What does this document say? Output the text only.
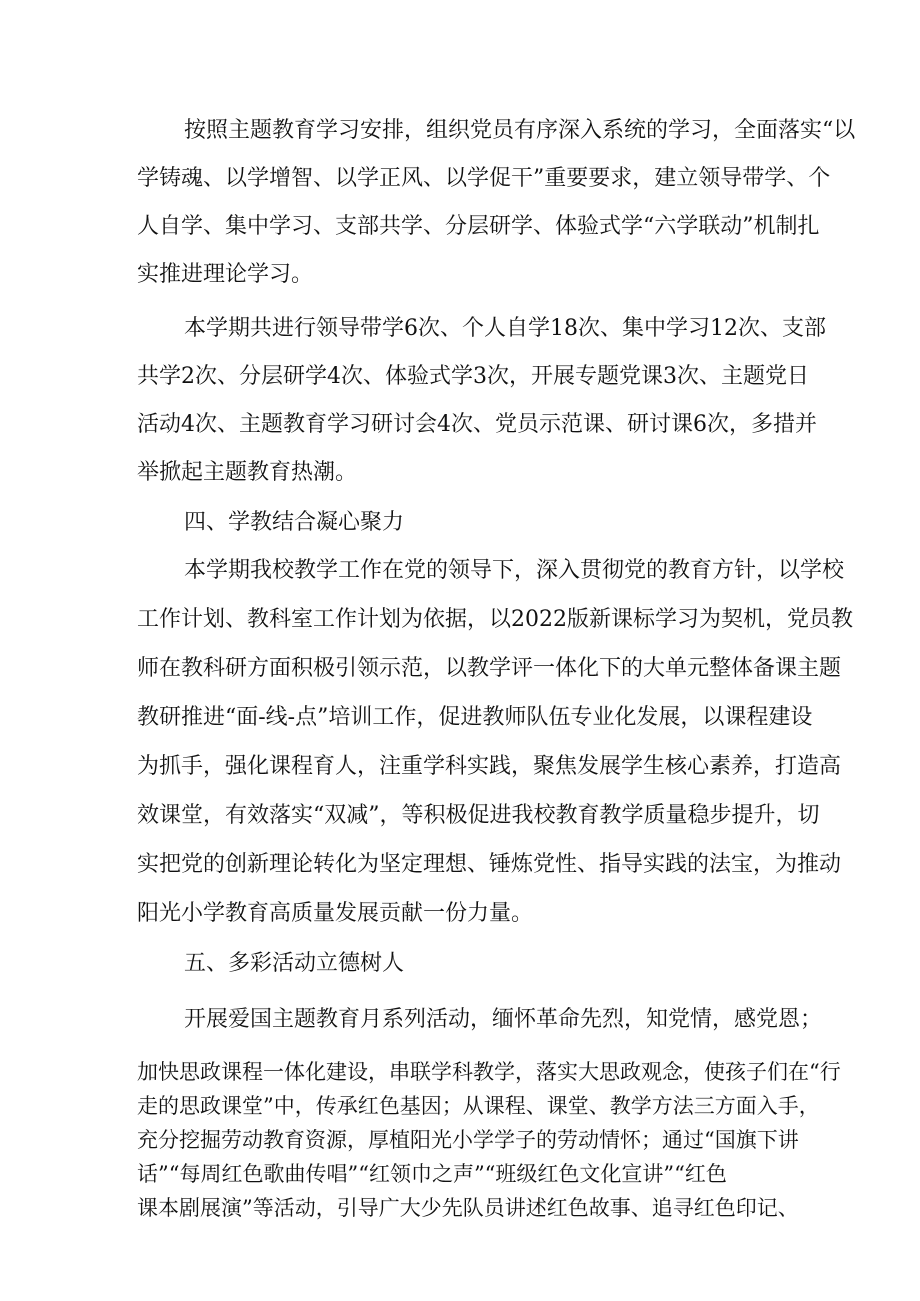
按照主题教育学习安排，组织党员有序深入系统的学习，全面落实“以

学铸魂、以学增智、以学正风、以学促干”重要要求，建立领导带学、个

人自学、集中学习、支部共学、分层研学、体验式学“六学联动”机制扎

实推进理论学习。

本学期共进行领导带学6次、个人自学18次、集中学习12次、支部

共学2次、分层研学4次、体验式学3次，开展专题党课3次、主题党日

活动4次、主题教育学习研讨会4次、党员示范课、研讨课6次，多措并

举掀起主题教育热潮。

四、学教结合凝心聚力

本学期我校教学工作在党的领导下，深入贯彻党的教育方针，以学校

工作计划、教科室工作计划为依据，以2022版新课标学习为契机，党员教

师在教科研方面积极引领示范，以教学评一体化下的大单元整体备课主题

教研推进“面-线-点”培训工作，促进教师队伍专业化发展，以课程建设

为抓手，强化课程育人，注重学科实践，聚焦发展学生核心素养，打造高

效课堂，有效落实“双减”，等积极促进我校教育教学质量稳步提升，切

实把党的创新理论转化为坚定理想、锤炼党性、指导实践的法宝，为推动

阳光小学教育高质量发展贡献一份力量。

五、多彩活动立德树人

开展爱国主题教育月系列活动，缅怀革命先烈，知党情，感党恩；

加快思政课程一体化建设，串联学科教学，落实大思政观念，使孩子们在“行

走的思政课堂”中，传承红色基因；从课程、课堂、教学方法三方面入手，

充分挖掘劳动教育资源，厚植阳光小学学子的劳动情怀；通过“国旗下讲

话”“每周红色歌曲传唱”“红领巾之声”“班级红色文化宣讲”“红色

课本剧展演”等活动，引导广大少先队员讲述红色故事、追寻红色印记、
